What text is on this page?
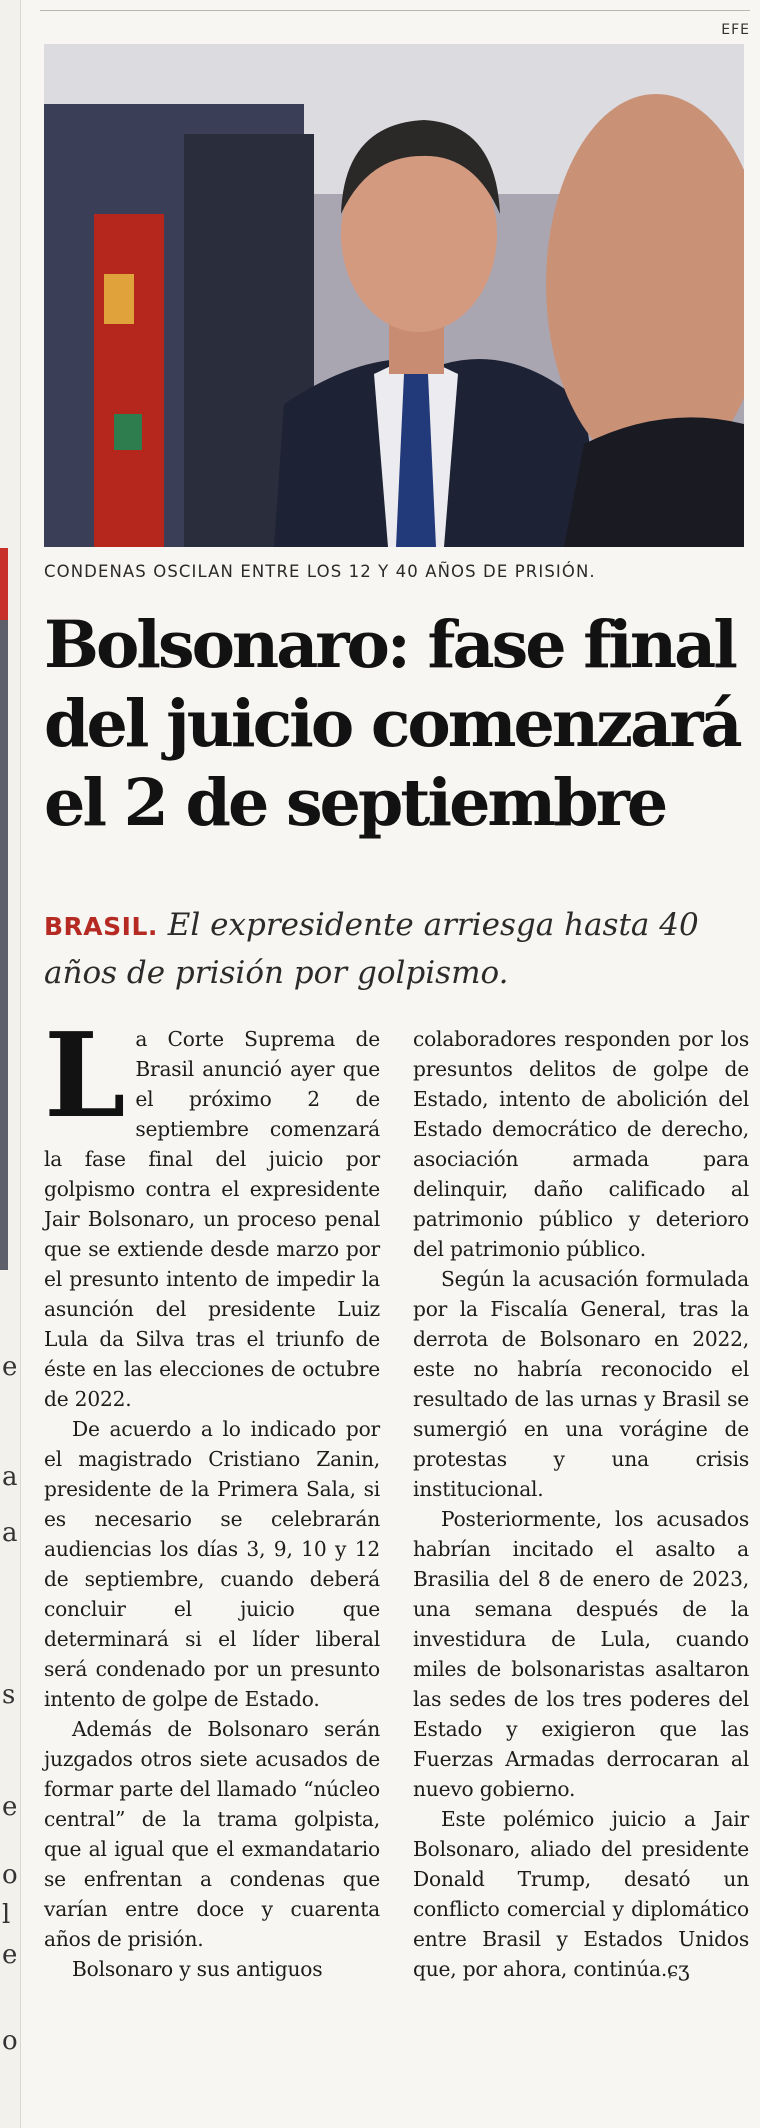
e
a
a
s
e
o
l
e
o
EFE
CONDENAS OSCILAN ENTRE LOS 12 Y 40 AÑOS DE PRISIÓN.
Bolsonaro: fase final
del juicio comenzará
el 2 de septiembre
BRASIL. El expresidente arriesga hasta 40 años de prisión por golpismo.

La Corte Suprema de Brasil anunció ayer que el próximo 2 de septiembre comenzará la fase final del juicio por golpismo contra el expresidente Jair Bolsonaro, un proceso penal que se extiende desde marzo por el presunto intento de impedir la asunción del presidente Luiz Lula da Silva tras el triunfo de éste en las elecciones de octubre de 2022.

De acuerdo a lo indicado por el magistrado Cristiano Zanin, presidente de la Primera Sala, si es necesario se celebrarán audiencias los días 3, 9, 10 y 12 de septiembre, cuando deberá concluir el juicio que determinará si el líder liberal será condenado por un presunto intento de golpe de Estado.

Además de Bolsonaro serán juzgados otros siete acusados de formar parte del llamado “núcleo central” de la trama golpista, que al igual que el exmandatario se enfrentan a condenas que varían entre doce y cuarenta años de prisión.

Bolsonaro y sus antiguos

colaboradores responden por los presuntos delitos de golpe de Estado, intento de abolición del Estado democrático de derecho, asociación armada para delinquir, daño calificado al patrimonio público y deterioro del patrimonio público.

Según la acusación formulada por la Fiscalía General, tras la derrota de Bolsonaro en 2022, este no habría reconocido el resultado de las urnas y Brasil se sumergió en una vorágine de protestas y una crisis institucional.

Posteriormente, los acusados habrían incitado el asalto a Brasilia del 8 de enero de 2023, una semana después de la investidura de Lula, cuando miles de bolsonaristas asaltaron las sedes de los tres poderes del Estado y exigieron que las Fuerzas Armadas derrocaran al nuevo gobierno.

Este polémico juicio a Jair Bolsonaro, aliado del presidente Donald Trump, desató un conflicto comercial y diplomático entre Brasil y Estados Unidos que, por ahora, continúa.ɕʒ
